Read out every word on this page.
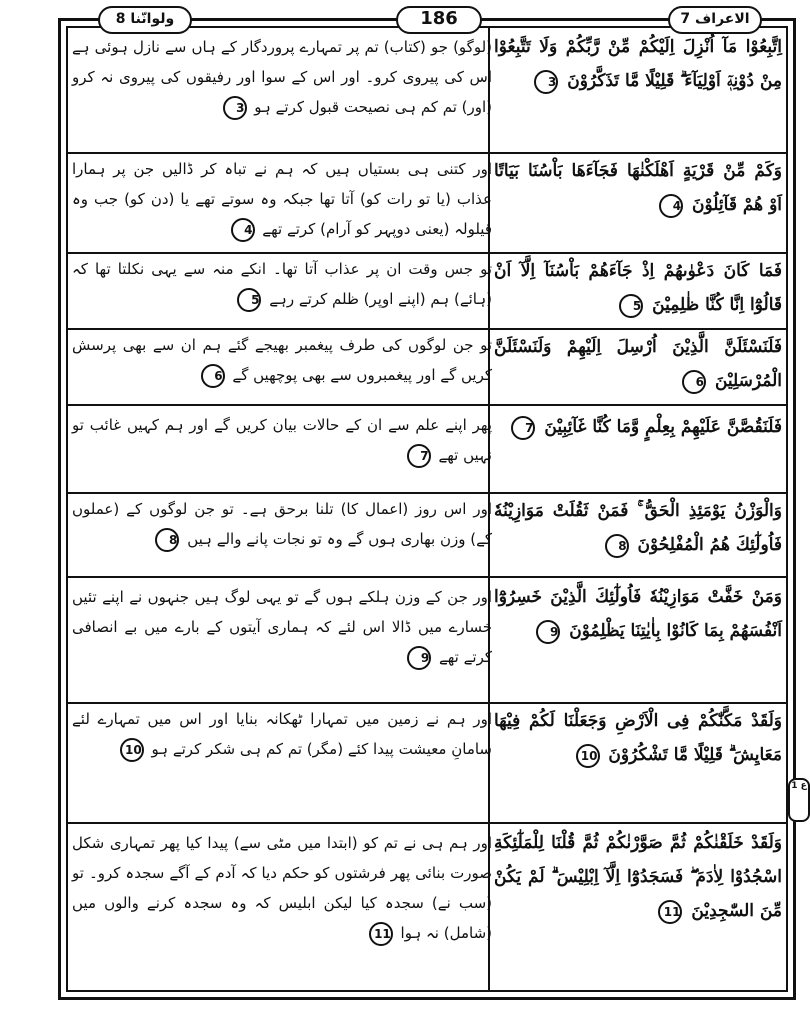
ولوانّنا 8	186	الاعراف 7
ع 1
اِتَّبِعُوْا مَآ اُنْزِلَ اِلَيْكُمْ مِّنْ رَّبِّكُمْ وَلَا تَتَّبِعُوْا مِنْ دُوْنِهٖٓ اَوْلِيَآءَ ۗ قَلِيْلًا مَّا تَذَكَّرُوْنَ 3
(لوگو) جو (کتاب) تم پر تمہارے پروردگار کے ہاں سے نازل ہوئی ہے اس کی پیروی کرو۔ اور اس کے سوا اور رفیقوں کی پیروی نہ کرو (اور) تم کم ہی نصیحت قبول کرتے ہو 3
وَكَمْ مِّنْ قَرْيَةٍ اَهْلَكْنٰهَا فَجَآءَهَا بَاْسُنَا بَيَاتًا اَوْ هُمْ قَآئِلُوْنَ 4
اور کتنی ہی بستیاں ہیں کہ ہم نے تباہ کر ڈالیں جن پر ہمارا عذاب (یا تو رات کو) آتا تھا جبکہ وہ سوتے تھے یا (دن کو) جب وہ قیلولہ (یعنی دوپہر کو آرام) کرتے تھے 4
فَمَا كَانَ دَعْوٰىهُمْ اِذْ جَآءَهُمْ بَاْسُنَآ اِلَّآ اَنْ قَالُوْٓا اِنَّا كُنَّا ظٰلِمِيْنَ 5
تو جس وقت ان پر عذاب آتا تھا۔ انکے منہ سے یہی نکلتا تھا کہ (ہائے) ہم (اپنے اوپر) ظلم کرتے رہے 5
فَلَنَسْئَلَنَّ الَّذِيْنَ اُرْسِلَ اِلَيْهِمْ وَلَنَسْئَلَنَّ الْمُرْسَلِيْنَ 6
تو جن لوگوں کی طرف پیغمبر بھیجے گئے ہم ان سے بھی پرسش کریں گے اور پیغمبروں سے بھی پوچھیں گے 6
فَلَنَقُصَّنَّ عَلَيْهِمْ بِعِلْمٍ وَّمَا كُنَّا غَآئِبِيْنَ 7
پھر اپنے علم سے ان کے حالات بیان کریں گے اور ہم کہیں غائب تو نہیں تھے 7
وَالْوَزْنُ يَوْمَئِذِ الْحَقُّ ۚ فَمَنْ ثَقُلَتْ مَوَازِيْنُهٗ فَاُولٰٓئِكَ هُمُ الْمُفْلِحُوْنَ 8
اور اس روز (اعمال کا) تلنا برحق ہے۔ تو جن لوگوں کے (عملوں کے) وزن بھاری ہوں گے وہ تو نجات پانے والے ہیں 8
وَمَنْ خَفَّتْ مَوَازِيْنُهٗ فَاُولٰٓئِكَ الَّذِيْنَ خَسِرُوْٓا اَنْفُسَهُمْ بِمَا كَانُوْا بِاٰيٰتِنَا يَظْلِمُوْنَ 9
اور جن کے وزن ہلکے ہوں گے تو یہی لوگ ہیں جنہوں نے اپنے تئیں خسارے میں ڈالا اس لئے کہ ہماری آیتوں کے بارے میں بے انصافی کرتے تھے 9
وَلَقَدْ مَكَّنّٰكُمْ فِى الْاَرْضِ وَجَعَلْنَا لَكُمْ فِيْهَا مَعَايِشَ ۗ قَلِيْلًا مَّا تَشْكُرُوْنَ 10
اور ہم نے زمین میں تمہارا ٹھکانہ بنایا اور اس میں تمہارے لئے سامانِ معیشت پیدا کئے (مگر) تم کم ہی شکر کرتے ہو 10
وَلَقَدْ خَلَقْنٰكُمْ ثُمَّ صَوَّرْنٰكُمْ ثُمَّ قُلْنَا لِلْمَلٰٓئِكَةِ اسْجُدُوْا لِاٰدَمَ ۖ فَسَجَدُوْٓا اِلَّآ اِبْلِيْسَ ۗ لَمْ يَكُنْ مِّنَ السّٰجِدِيْنَ 11
اور ہم ہی نے تم کو (ابتدا میں مٹی سے) پیدا کیا پھر تمہاری شکل صورت بنائی پھر فرشتوں کو حکم دیا کہ آدم کے آگے سجدہ کرو۔ تو (سب نے) سجدہ کیا لیکن ابلیس کہ وہ سجدہ کرنے والوں میں (شامل) نہ ہوا 11
